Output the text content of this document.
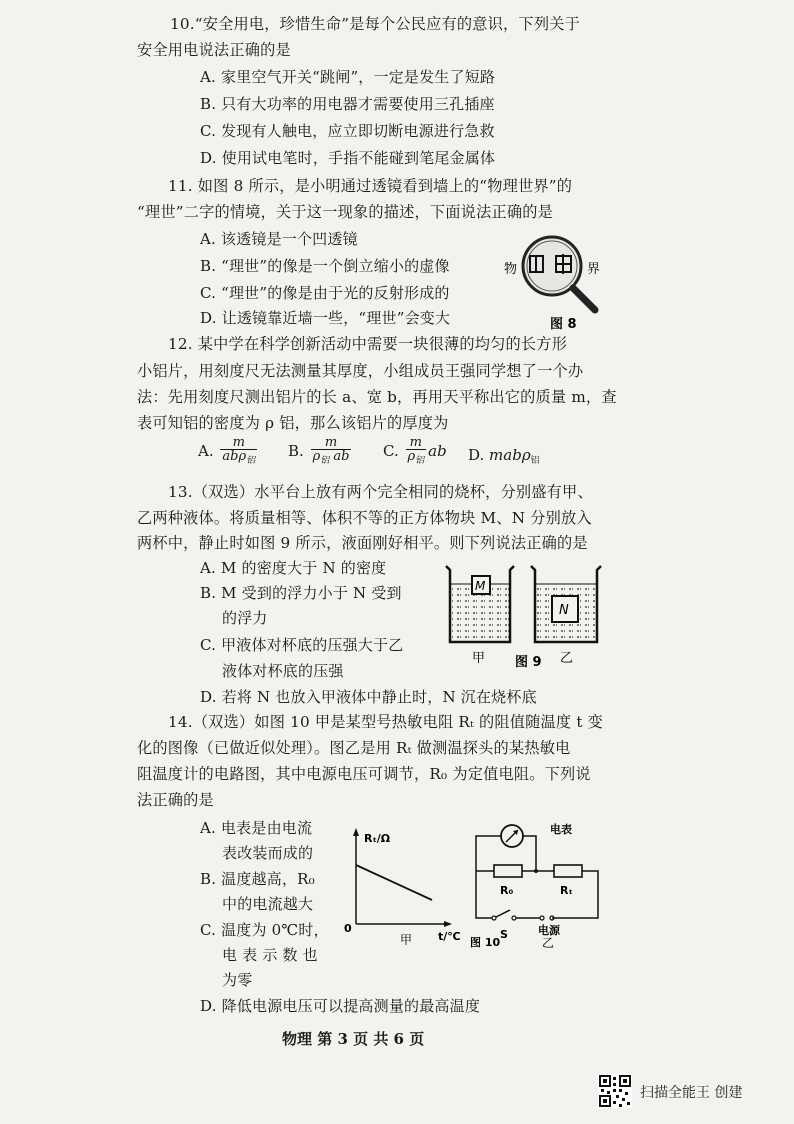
10.“安全用电，珍惜生命”是每个公民应有的意识，下列关于
安全用电说法正确的是
A. 家里空气开关“跳闸”，一定是发生了短路
B. 只有大功率的用电器才需要使用三孔插座
C. 发现有人触电，应立即切断电源进行急救
D. 使用试电笔时，手指不能碰到笔尾金属体
11. 如图 8 所示，是小明通过透镜看到墙上的“物理世界”的
“理世”二字的情境，关于这一现象的描述，下面说法正确的是
A. 该透镜是一个凹透镜
B. “理世”的像是一个倒立缩小的虚像
C. “理世”的像是由于光的反射形成的
D. 让透镜靠近墙一些，“理世”会变大
物	界
图 8
12. 某中学在科学创新活动中需要一块很薄的均匀的长方形
小铝片，用刻度尺无法测量其厚度，小组成员王强同学想了一个办
法：先用刻度尺测出铝片的长 a、宽 b，再用天平称出它的质量 m，查
表可知铝的密度为 ρ 铝，那么该铝片的厚度为
A. $\frac{m}{ab\rho_铝} B$. $\frac{m}{\rho_铝 ab} C$. $\frac{m}{\rho_铝}$ ab D. mabρ$_铝$
13.（双选）水平台上放有两个完全相同的烧杯，分别盛有甲、
乙两种液体。将质量相等、体积不等的正方体物块 M、N 分别放入
两杯中，静止时如图 9 所示，液面刚好相平。则下列说法正确的是
A. M 的密度大于 N 的密度
B. M 受到的浮力小于 N 受到
的浮力
C. 甲液体对杯底的压强大于乙
液体对杯底的压强
D. 若将 N 也放入甲液体中静止时，N 沉在烧杯底
M
N
甲	乙
图 9
14.（双选）如图 10 甲是某型号热敏电阻 Rₜ 的阻值随温度 t 变
化的图像（已做近似处理）。图乙是用 Rₜ 做测温探头的某热敏电
阻温度计的电路图，其中电源电压可调节，R₀ 为定值电阻。下列说
法正确的是
A. 电表是由电流
表改装而成的
B. 温度越高，R₀
中的电流越大
C. 温度为 0℃时，
电 表 示 数 也
为零
D. 降低电源电压可以提高测量的最高温度
Rₜ/Ω
0
t/℃
甲
电表
R₀	Rₜ
S	电源
图 10	乙
物理 第 3 页 共 6 页
扫描全能王 创建
